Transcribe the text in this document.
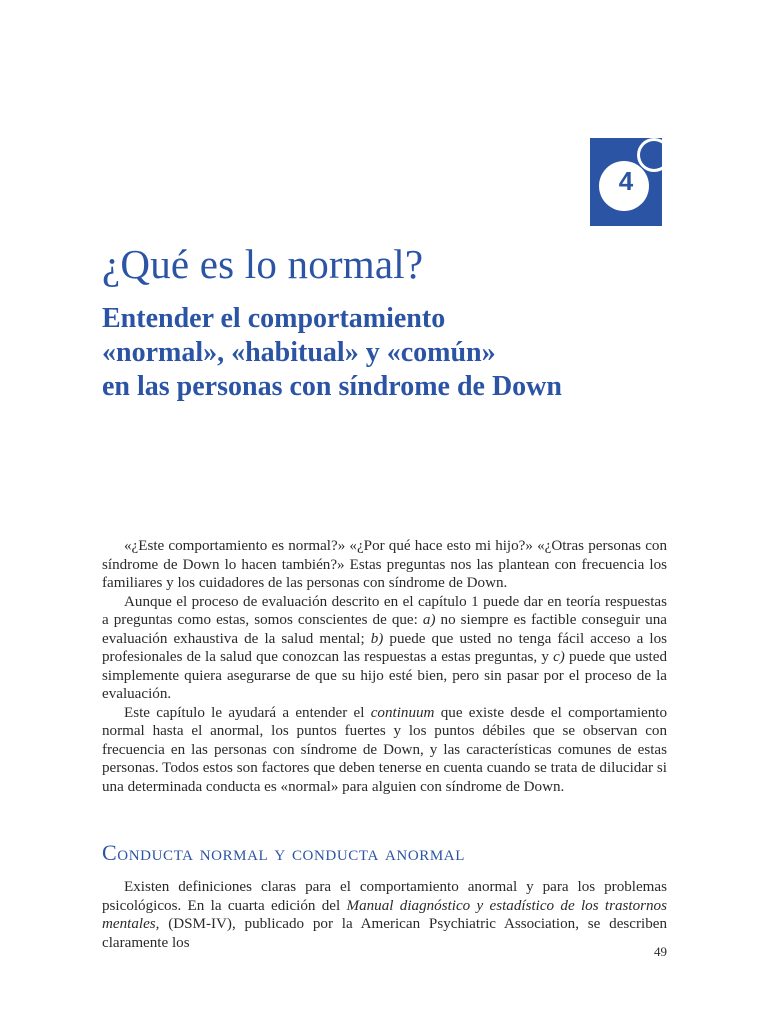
4
¿Qué es lo normal?
Entender el comportamiento
«normal», «habitual» y «común»
en las personas con síndrome de Down

«¿Este comportamiento es normal?» «¿Por qué hace esto mi hijo?» «¿Otras personas con síndrome de Down lo hacen también?» Estas preguntas nos las plantean con frecuencia los familiares y los cuidadores de las personas con síndrome de Down.

Aunque el proceso de evaluación descrito en el capítulo 1 puede dar en teoría respuestas a preguntas como estas, somos conscientes de que: a) no siempre es factible conseguir una evaluación exhaustiva de la salud mental; b) puede que usted no tenga fácil acceso a los profesionales de la salud que conozcan las respuestas a estas preguntas, y c) puede que usted simplemente quiera asegurarse de que su hijo esté bien, pero sin pasar por el proceso de la evaluación.

Este capítulo le ayudará a entender el continuum que existe desde el comportamiento normal hasta el anormal, los puntos fuertes y los puntos débiles que se observan con frecuencia en las personas con síndrome de Down, y las características comunes de estas personas. Todos estos son factores que deben tenerse en cuenta cuando se trata de dilucidar si una determinada conducta es «normal» para alguien con síndrome de Down.

Conducta normal y conducta anormal

Existen definiciones claras para el comportamiento anormal y para los problemas psicológicos. En la cuarta edición del Manual diagnóstico y estadístico de los trastornos mentales, (DSM-IV), publicado por la American Psychiatric Association, se describen claramente los

49
